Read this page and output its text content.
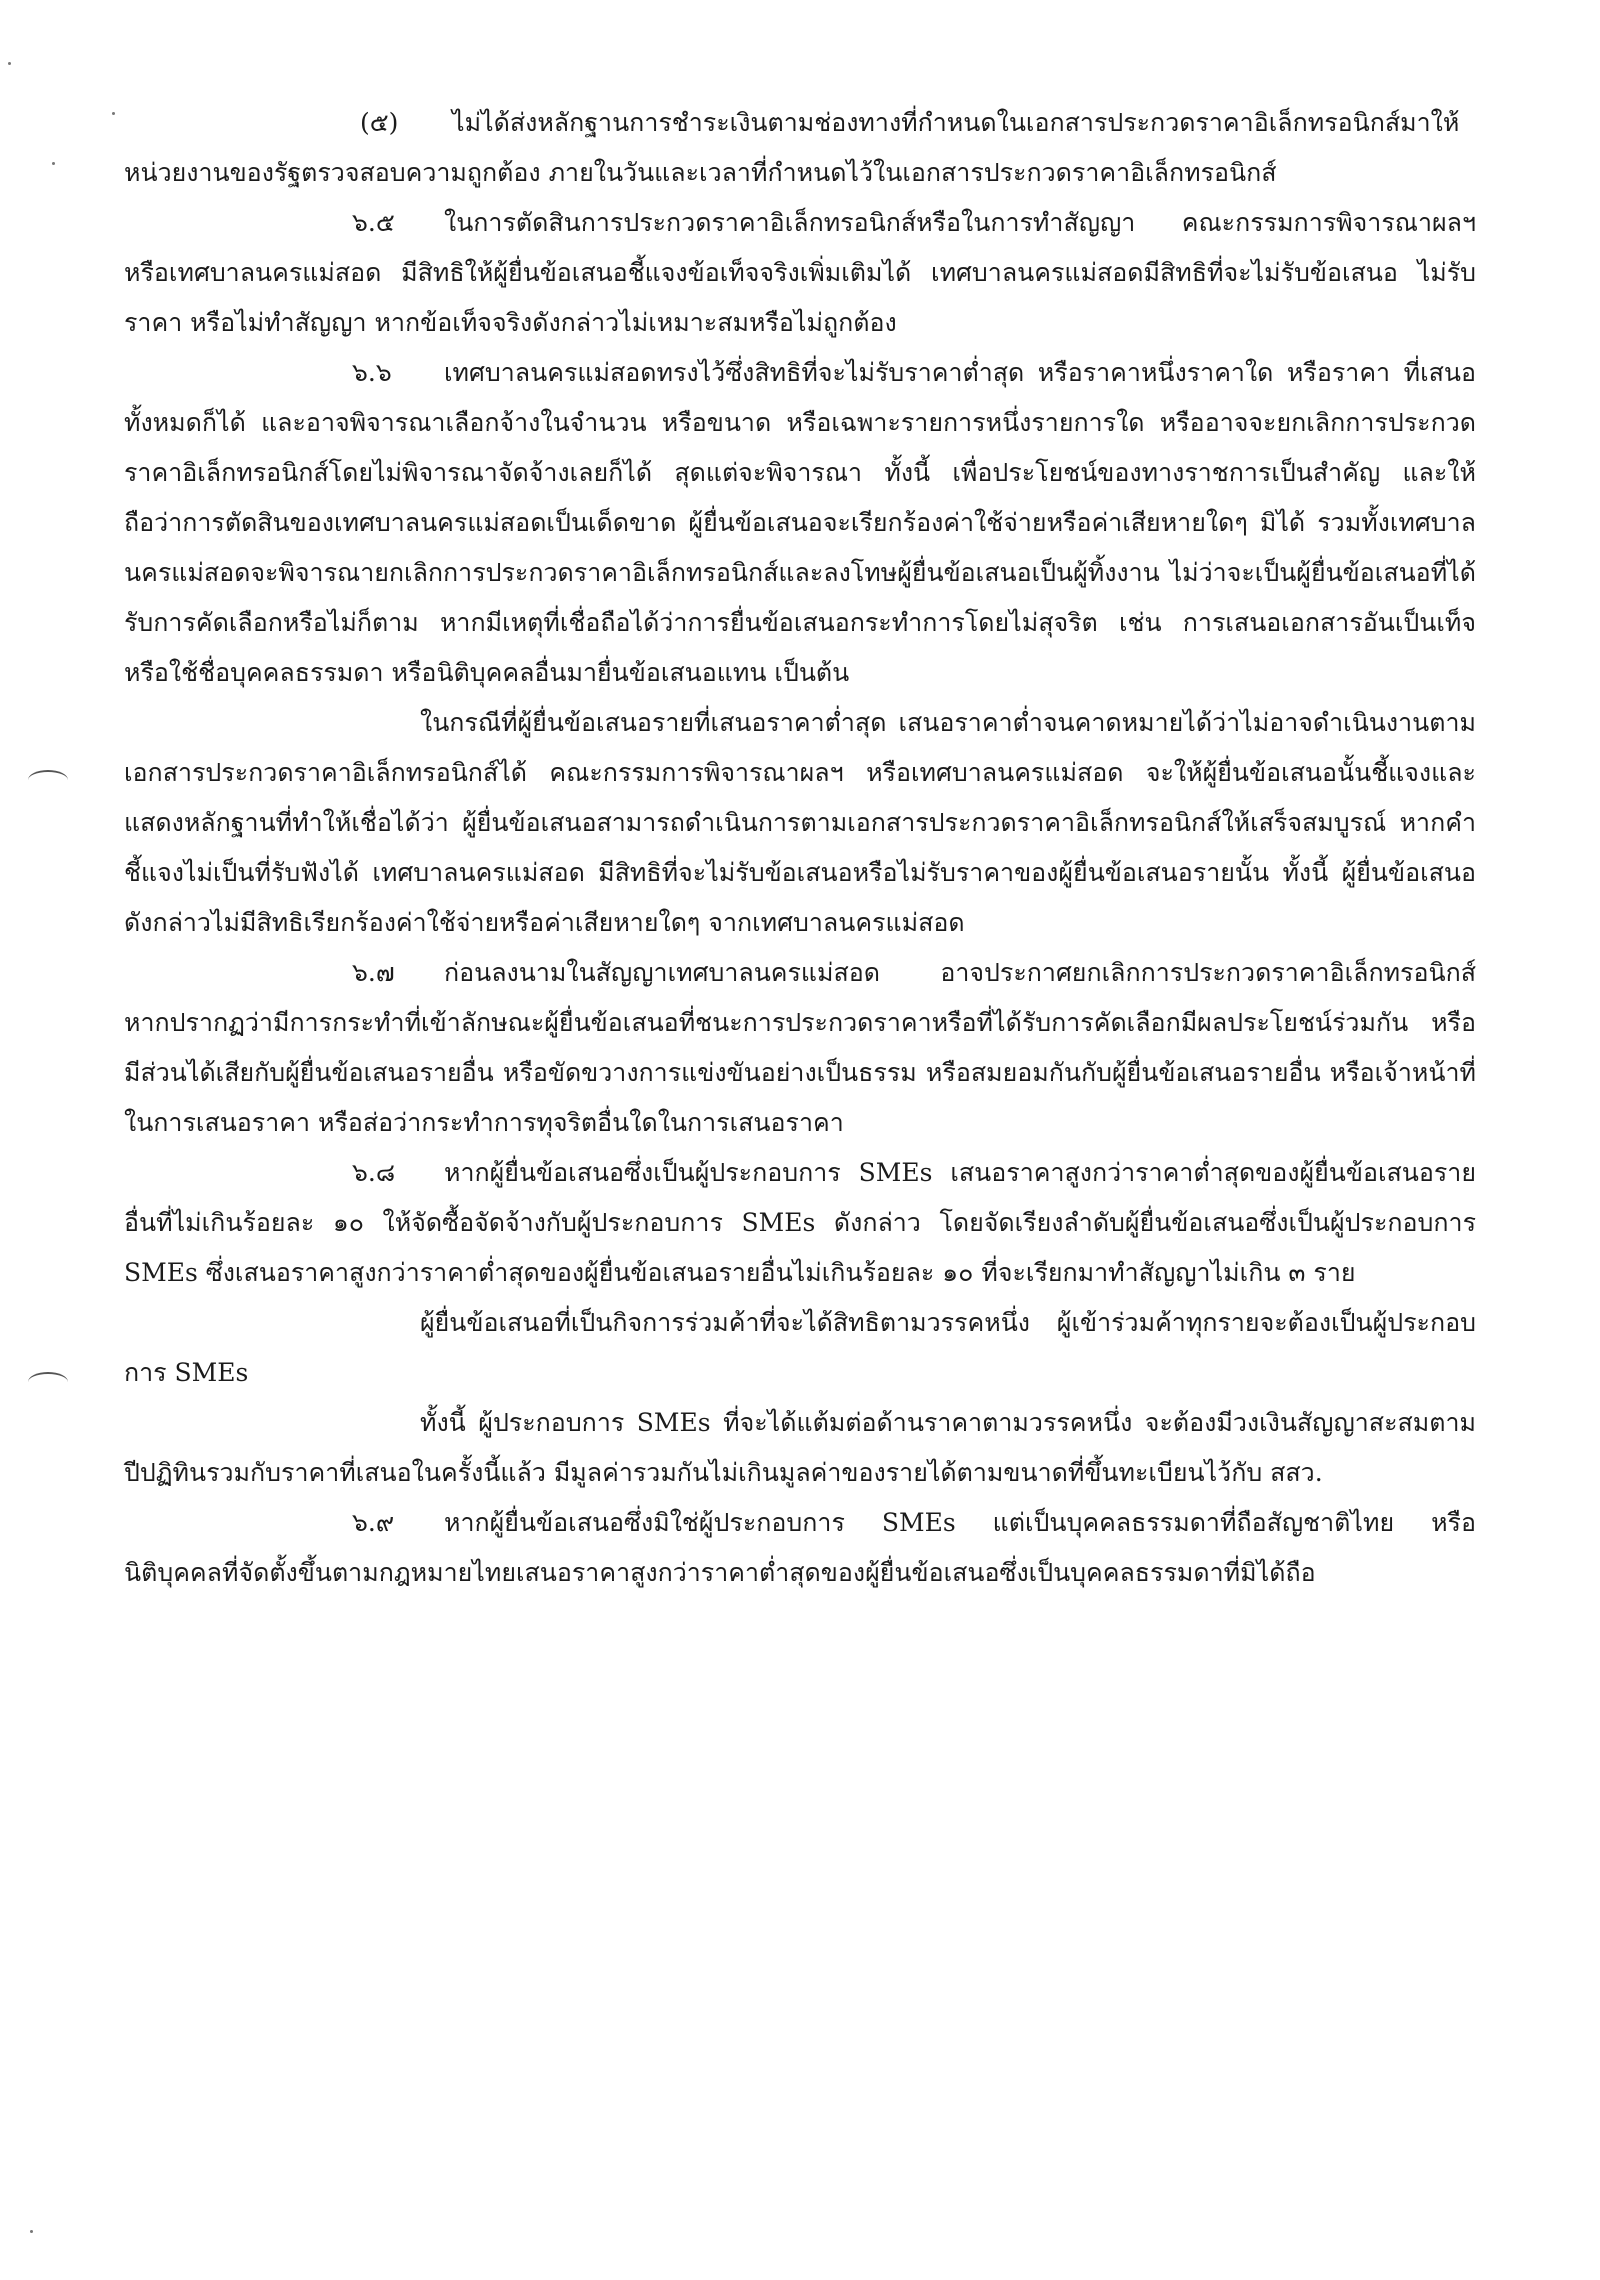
(๕) ไม่ได้ส่งหลักฐานการชำระเงินตามช่องทางที่กำหนดในเอกสารประกวดราคาอิเล็กทรอนิกส์มาให้หน่วยงานของรัฐตรวจสอบความถูกต้อง ภายในวันและเวลาที่กำหนดไว้ในเอกสารประกวดราคาอิเล็กทรอนิกส์

๖.๕ ในการตัดสินการประกวดราคาอิเล็กทรอนิกส์หรือในการทำสัญญา คณะกรรมการพิจารณาผลฯ หรือเทศบาลนครแม่สอด มีสิทธิให้ผู้ยื่นข้อเสนอชี้แจงข้อเท็จจริงเพิ่มเติมได้ เทศบาลนครแม่สอดมีสิทธิที่จะไม่รับข้อเสนอ ไม่รับราคา หรือไม่ทำสัญญา หากข้อเท็จจริงดังกล่าวไม่เหมาะสมหรือไม่ถูกต้อง

๖.๖ เทศบาลนครแม่สอดทรงไว้ซึ่งสิทธิที่จะไม่รับราคาต่ำสุด หรือราคาหนึ่งราคาใด หรือราคา ที่เสนอทั้งหมดก็ได้ และอาจพิจารณาเลือกจ้างในจำนวน หรือขนาด หรือเฉพาะรายการหนึ่งรายการใด หรืออาจจะยกเลิกการประกวดราคาอิเล็กทรอนิกส์โดยไม่พิจารณาจัดจ้างเลยก็ได้ สุดแต่จะพิจารณา ทั้งนี้ เพื่อประโยชน์ของทางราชการเป็นสำคัญ และให้ถือว่าการตัดสินของเทศบาลนครแม่สอดเป็นเด็ดขาด ผู้ยื่นข้อเสนอจะเรียกร้องค่าใช้จ่ายหรือค่าเสียหายใดๆ มิได้ รวมทั้งเทศบาลนครแม่สอดจะพิจารณายกเลิกการประกวดราคาอิเล็กทรอนิกส์และลงโทษผู้ยื่นข้อเสนอเป็นผู้ทิ้งงาน ไม่ว่าจะเป็นผู้ยื่นข้อเสนอที่ได้รับการคัดเลือกหรือไม่ก็ตาม หากมีเหตุที่เชื่อถือได้ว่าการยื่นข้อเสนอกระทำการโดยไม่สุจริต เช่น การเสนอเอกสารอันเป็นเท็จ หรือใช้ชื่อบุคคลธรรมดา หรือนิติบุคคลอื่นมายื่นข้อเสนอแทน เป็นต้น

ในกรณีที่ผู้ยื่นข้อเสนอรายที่เสนอราคาต่ำสุด เสนอราคาต่ำจนคาดหมายได้ว่าไม่อาจดำเนินงานตามเอกสารประกวดราคาอิเล็กทรอนิกส์ได้ คณะกรรมการพิจารณาผลฯ หรือเทศบาลนครแม่สอด จะให้ผู้ยื่นข้อเสนอนั้นชี้แจงและแสดงหลักฐานที่ทำให้เชื่อได้ว่า ผู้ยื่นข้อเสนอสามารถดำเนินการตามเอกสารประกวดราคาอิเล็กทรอนิกส์ให้เสร็จสมบูรณ์ หากคำชี้แจงไม่เป็นที่รับฟังได้ เทศบาลนครแม่สอด มีสิทธิที่จะไม่รับข้อเสนอหรือไม่รับราคาของผู้ยื่นข้อเสนอรายนั้น ทั้งนี้ ผู้ยื่นข้อเสนอดังกล่าวไม่มีสิทธิเรียกร้องค่าใช้จ่ายหรือค่าเสียหายใดๆ จากเทศบาลนครแม่สอด

๖.๗ ก่อนลงนามในสัญญาเทศบาลนครแม่สอด อาจประกาศยกเลิกการประกวดราคาอิเล็กทรอนิกส์ หากปรากฏว่ามีการกระทำที่เข้าลักษณะผู้ยื่นข้อเสนอที่ชนะการประกวดราคาหรือที่ได้รับการคัดเลือกมีผลประโยชน์ร่วมกัน หรือมีส่วนได้เสียกับผู้ยื่นข้อเสนอรายอื่น หรือขัดขวางการแข่งขันอย่างเป็นธรรม หรือสมยอมกันกับผู้ยื่นข้อเสนอรายอื่น หรือเจ้าหน้าที่ในการเสนอราคา หรือส่อว่ากระทำการทุจริตอื่นใดในการเสนอราคา

๖.๘ หากผู้ยื่นข้อเสนอซึ่งเป็นผู้ประกอบการ SMEs เสนอราคาสูงกว่าราคาต่ำสุดของผู้ยื่นข้อเสนอรายอื่นที่ไม่เกินร้อยละ ๑๐ ให้จัดซื้อจัดจ้างกับผู้ประกอบการ SMEs ดังกล่าว โดยจัดเรียงลำดับผู้ยื่นข้อเสนอซึ่งเป็นผู้ประกอบการ SMEs ซึ่งเสนอราคาสูงกว่าราคาต่ำสุดของผู้ยื่นข้อเสนอรายอื่นไม่เกินร้อยละ ๑๐ ที่จะเรียกมาทำสัญญาไม่เกิน ๓ ราย

ผู้ยื่นข้อเสนอที่เป็นกิจการร่วมค้าที่จะได้สิทธิตามวรรคหนึ่ง ผู้เข้าร่วมค้าทุกรายจะต้องเป็นผู้ประกอบการ SMEs

ทั้งนี้ ผู้ประกอบการ SMEs ที่จะได้แต้มต่อด้านราคาตามวรรคหนึ่ง จะต้องมีวงเงินสัญญาสะสมตามปีปฏิทินรวมกับราคาที่เสนอในครั้งนี้แล้ว มีมูลค่ารวมกันไม่เกินมูลค่าของรายได้ตามขนาดที่ขึ้นทะเบียนไว้กับ สสว.

๖.๙ หากผู้ยื่นข้อเสนอซึ่งมิใช่ผู้ประกอบการ SMEs แต่เป็นบุคคลธรรมดาที่ถือสัญชาติไทย หรือนิติบุคคลที่จัดตั้งขึ้นตามกฎหมายไทยเสนอราคาสูงกว่าราคาต่ำสุดของผู้ยื่นข้อเสนอซึ่งเป็นบุคคลธรรมดาที่มิได้ถือ
